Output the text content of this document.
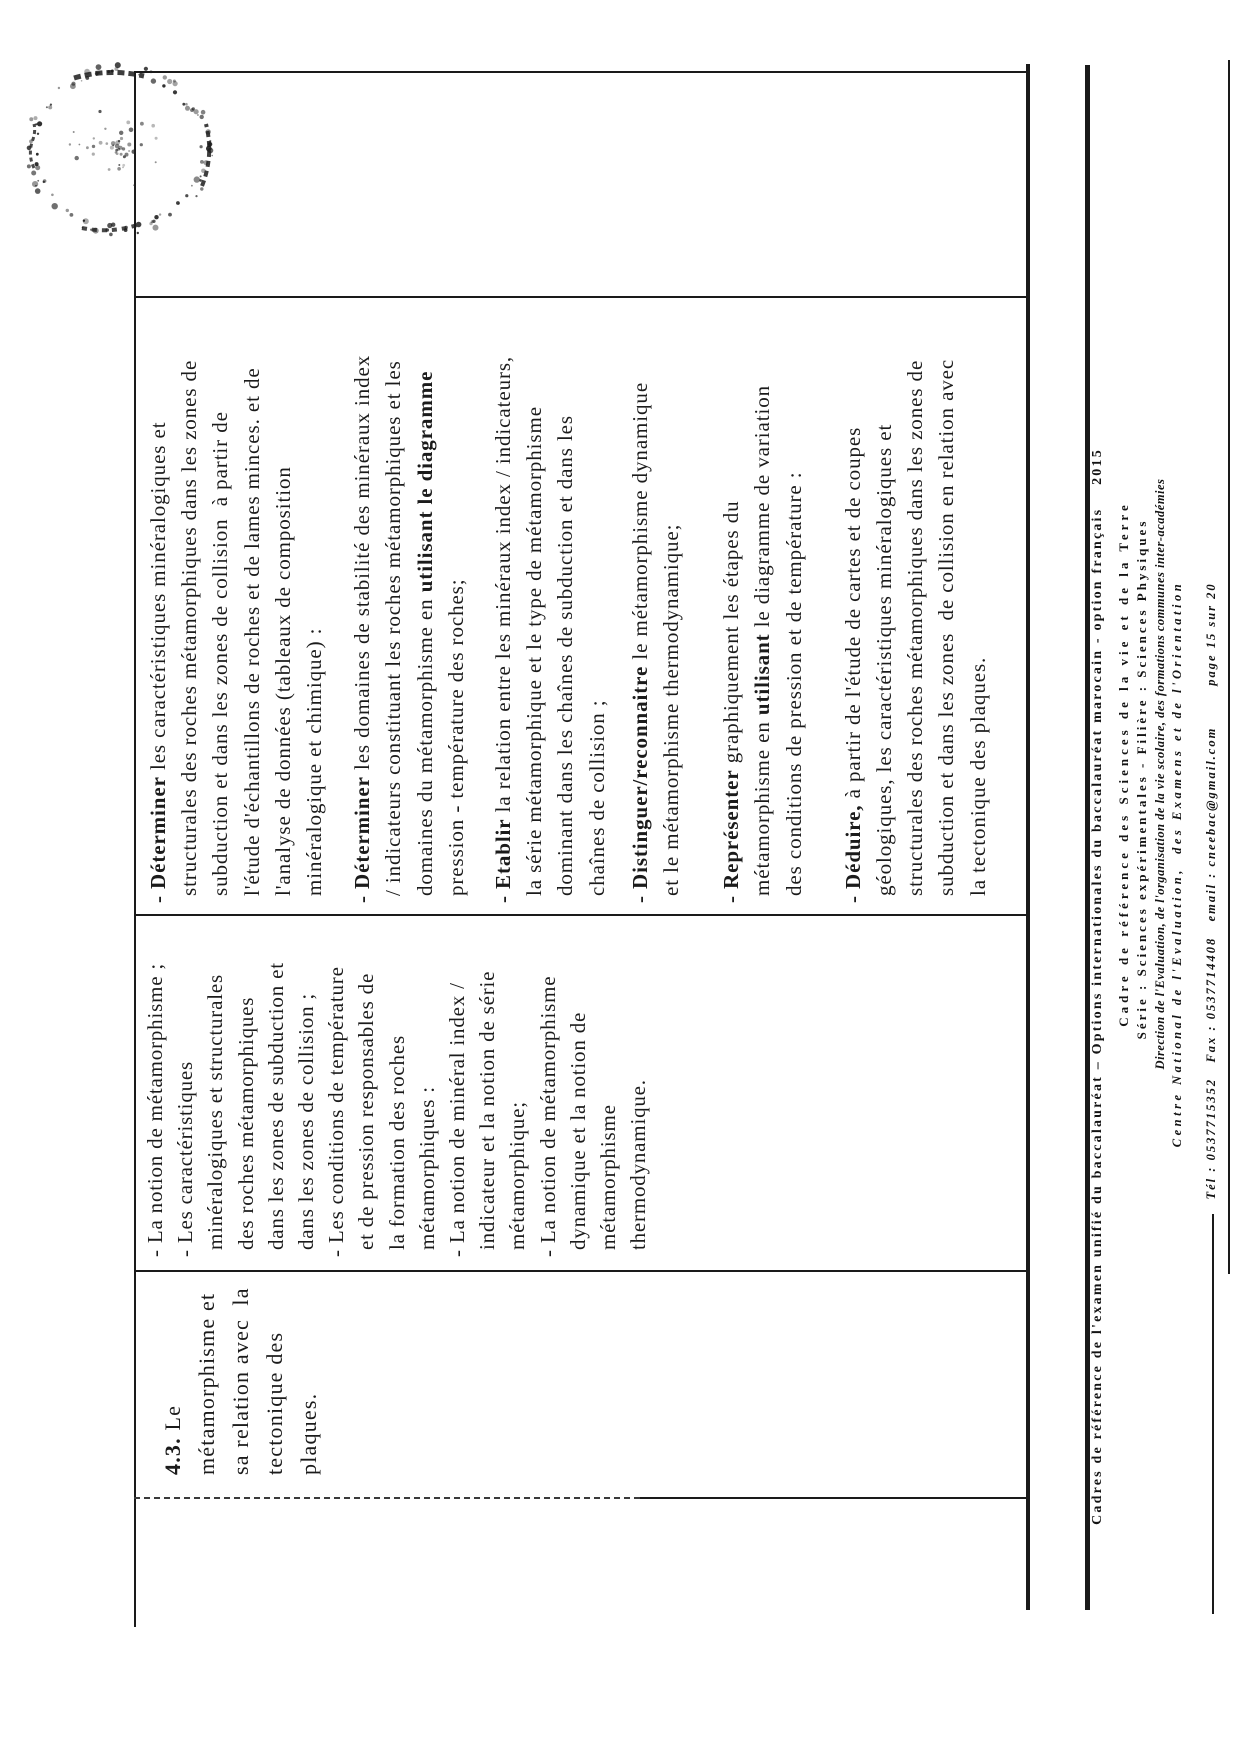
4.3. Le métamorphisme et sa relation avec  la tectonique des plaques.
- La notion de métamorphisme ; - Les caractéristiques minéralogiques et structurales des roches métamorphiques dans les zones de subduction et dans les zones de collision ; - Les conditions de température et de pression responsables de la formation des roches métamorphiques : - La notion de minéral index / indicateur et la notion de série métamorphique; - La notion de métamorphisme dynamique et la notion de métamorphisme thermodynamique.
- Déterminer les caractéristiques minéralogiques et structurales des roches métamorphiques dans les zones de subduction et dans les zones de collision  à partir de l'étude d'échantillons de roches et de lames minces. et de l'analyse de données (tableaux de composition minéralogique et chimique) : - Déterminer les domaines de stabilité des minéraux index / indicateurs constituant les roches métamorphiques et les domaines du métamorphisme en utilisant le diagramme
pression - température des roches; - Etablir la relation entre les minéraux index / indicateurs, la série métamorphique et le type de métamorphisme dominant dans les chaînes de subduction et dans les chaînes de collision ; - Distinguer/reconnaitre le métamorphisme dynamique et le métamorphisme thermodynamique; - Représenter graphiquement les étapes du
métamorphisme en utilisant le diagramme de variation des conditions de pression et de température : - Déduire, à partir de l'étude de cartes et de coupes géologiques, les caractéristiques minéralogiques et structurales des roches métamorphiques dans les zones de subduction et dans les zones  de collision en relation avec la tectonique des plaques.	Cadres de référence de l'examen unifié du baccalauréat – Options internationales du baccalauréat marocain - option français    2015 Cadre de référence des Sciences de la vie et de la Terre Série : Sciences expérimentales - Filière : Sciences Physiques Direction de l'Evaluation, de l'organisation de la vie scolaire, des formations communes inter-académies Centre National de l'Evaluation,  des Examens et de l'Orientation	Tél : 0537715352   Fax : 0537714408   email : cneebac@gmail.com        page 15 sur 20
